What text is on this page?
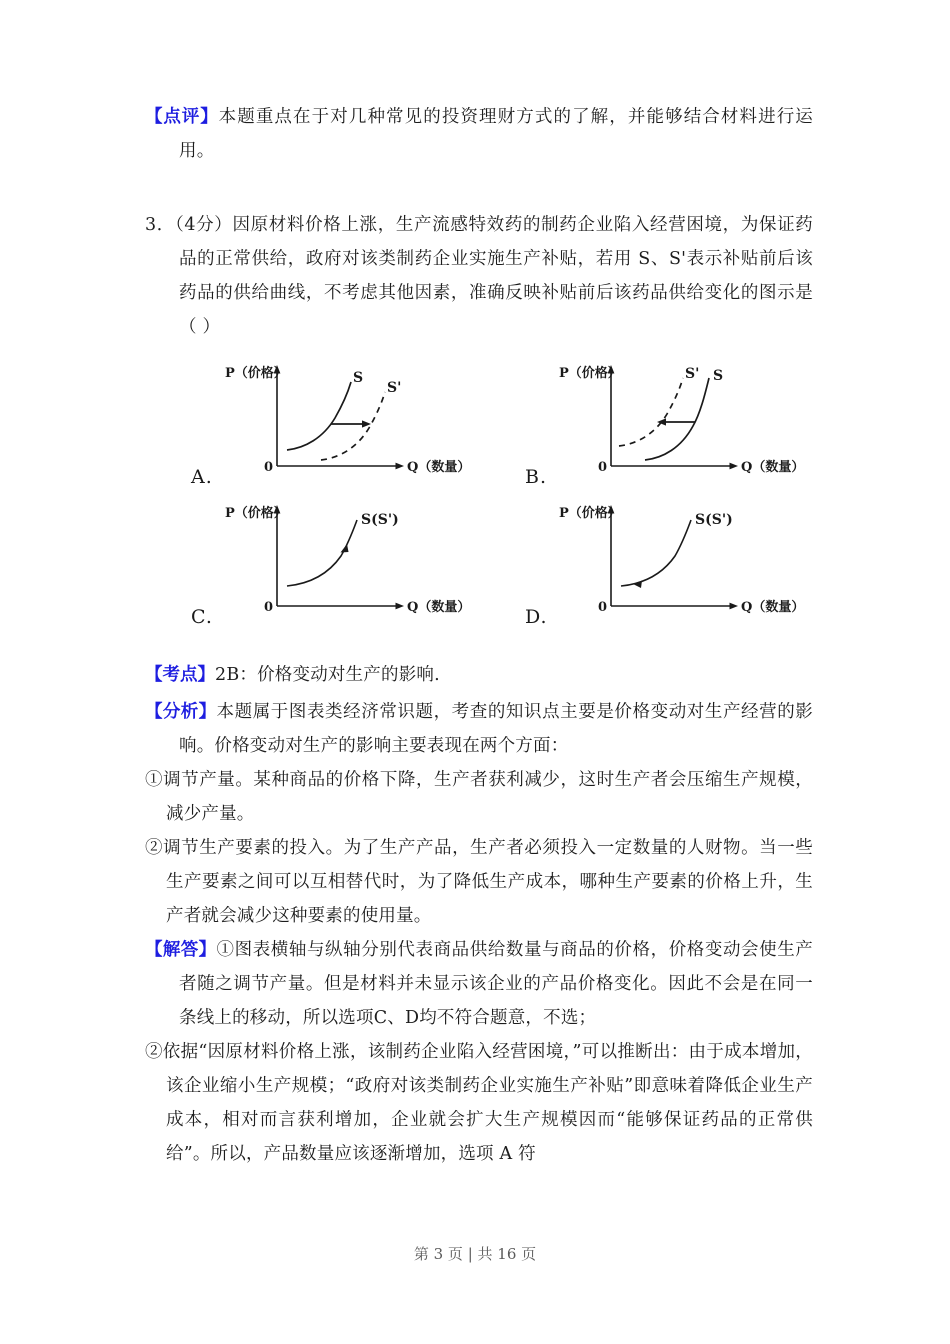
【点评】本题重点在于对几种常见的投资理财方式的了解，并能够结合材料进行运用。

3．（4分）因原材料价格上涨，生产流感特效药的制药企业陷入经营困境，为保证药品的正常供给，政府对该类制药企业实施生产补贴，若用 S、S'表示补贴前后该药品的供给曲线，不考虑其他因素，准确反映补贴前后该药品供给变化的图示是（ ）

A.
P（价格）
Q（数量）
0
S
S'
B.
P（价格）
Q（数量）
0
S' S
C.
P（价格）
Q（数量）
0
S(S')
D.
P（价格）
Q（数量）
0
S(S')

【考点】2B：价格变动对生产的影响.

【分析】本题属于图表类经济常识题，考查的知识点主要是价格变动对生产经营的影响。价格变动对生产的影响主要表现在两个方面：

①调节产量。某种商品的价格下降，生产者获利减少，这时生产者会压缩生产规模，减少产量。

②调节生产要素的投入。为了生产产品，生产者必须投入一定数量的人财物。当一些生产要素之间可以互相替代时，为了降低生产成本，哪种生产要素的价格上升，生产者就会减少这种要素的使用量。

【解答】①图表横轴与纵轴分别代表商品供给数量与商品的价格，价格变动会使生产者随之调节产量。但是材料并未显示该企业的产品价格变化。因此不会是在同一条线上的移动，所以选项C、D均不符合题意，不选；

②依据“因原材料价格上涨，该制药企业陷入经营困境，”可以推断出：由于成本增加，该企业缩小生产规模；“政府对该类制药企业实施生产补贴”即意味着降低企业生产成本，相对而言获利增加，企业就会扩大生产规模因而“能够保证药品的正常供给”。所以，产品数量应该逐渐增加，选项 A 符

第 3 页 | 共 16 页
